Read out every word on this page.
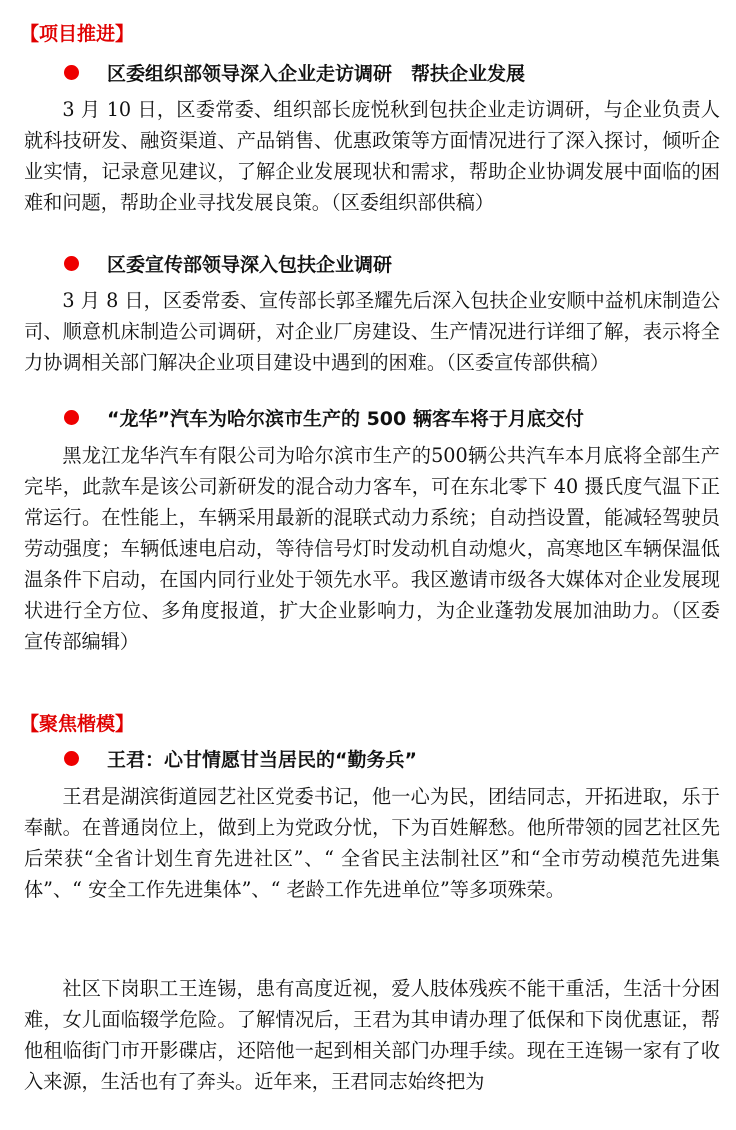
【项目推进】
区委组织部领导深入企业走访调研　帮扶企业发展

3 月 10 日，区委常委、组织部长庞悦秋到包扶企业走访调研，与企业负责人就科技研发、融资渠道、产品销售、优惠政策等方面情况进行了深入探讨，倾听企业实情，记录意见建议，了解企业发展现状和需求，帮助企业协调发展中面临的困难和问题，帮助企业寻找发展良策。（区委组织部供稿）

区委宣传部领导深入包扶企业调研

3 月 8 日，区委常委、宣传部长郭圣耀先后深入包扶企业安顺中益机床制造公司、顺意机床制造公司调研，对企业厂房建设、生产情况进行详细了解，表示将全力协调相关部门解决企业项目建设中遇到的困难。（区委宣传部供稿）

“龙华”汽车为哈尔滨市生产的 500 辆客车将于月底交付

黑龙江龙华汽车有限公司为哈尔滨市生产的500辆公共汽车本月底将全部生产完毕，此款车是该公司新研发的混合动力客车，可在东北零下 40 摄氏度气温下正常运行。在性能上，车辆采用最新的混联式动力系统；自动挡设置，能减轻驾驶员劳动强度；车辆低速电启动，等待信号灯时发动机自动熄火，高寒地区车辆保温低温条件下启动，在国内同行业处于领先水平。我区邀请市级各大媒体对企业发展现状进行全方位、多角度报道，扩大企业影响力，为企业蓬勃发展加油助力。（区委宣传部编辑）

【聚焦楷模】
王君：心甘情愿甘当居民的“勤务兵”

王君是湖滨街道园艺社区党委书记，他一心为民，团结同志，开拓进取，乐于奉献。在普通岗位上，做到上为党政分忧，下为百姓解愁。他所带领的园艺社区先后荣获“全省计划生育先进社区”、“ 全省民主法制社区”和“全市劳动模范先进集体”、“ 安全工作先进集体”、“ 老龄工作先进单位”等多项殊荣。

社区下岗职工王连锡，患有高度近视，爱人肢体残疾不能干重活，生活十分困难，女儿面临辍学危险。了解情况后，王君为其申请办理了低保和下岗优惠证，帮他租临街门市开影碟店，还陪他一起到相关部门办理手续。现在王连锡一家有了收入来源，生活也有了奔头。近年来，王君同志始终把为
